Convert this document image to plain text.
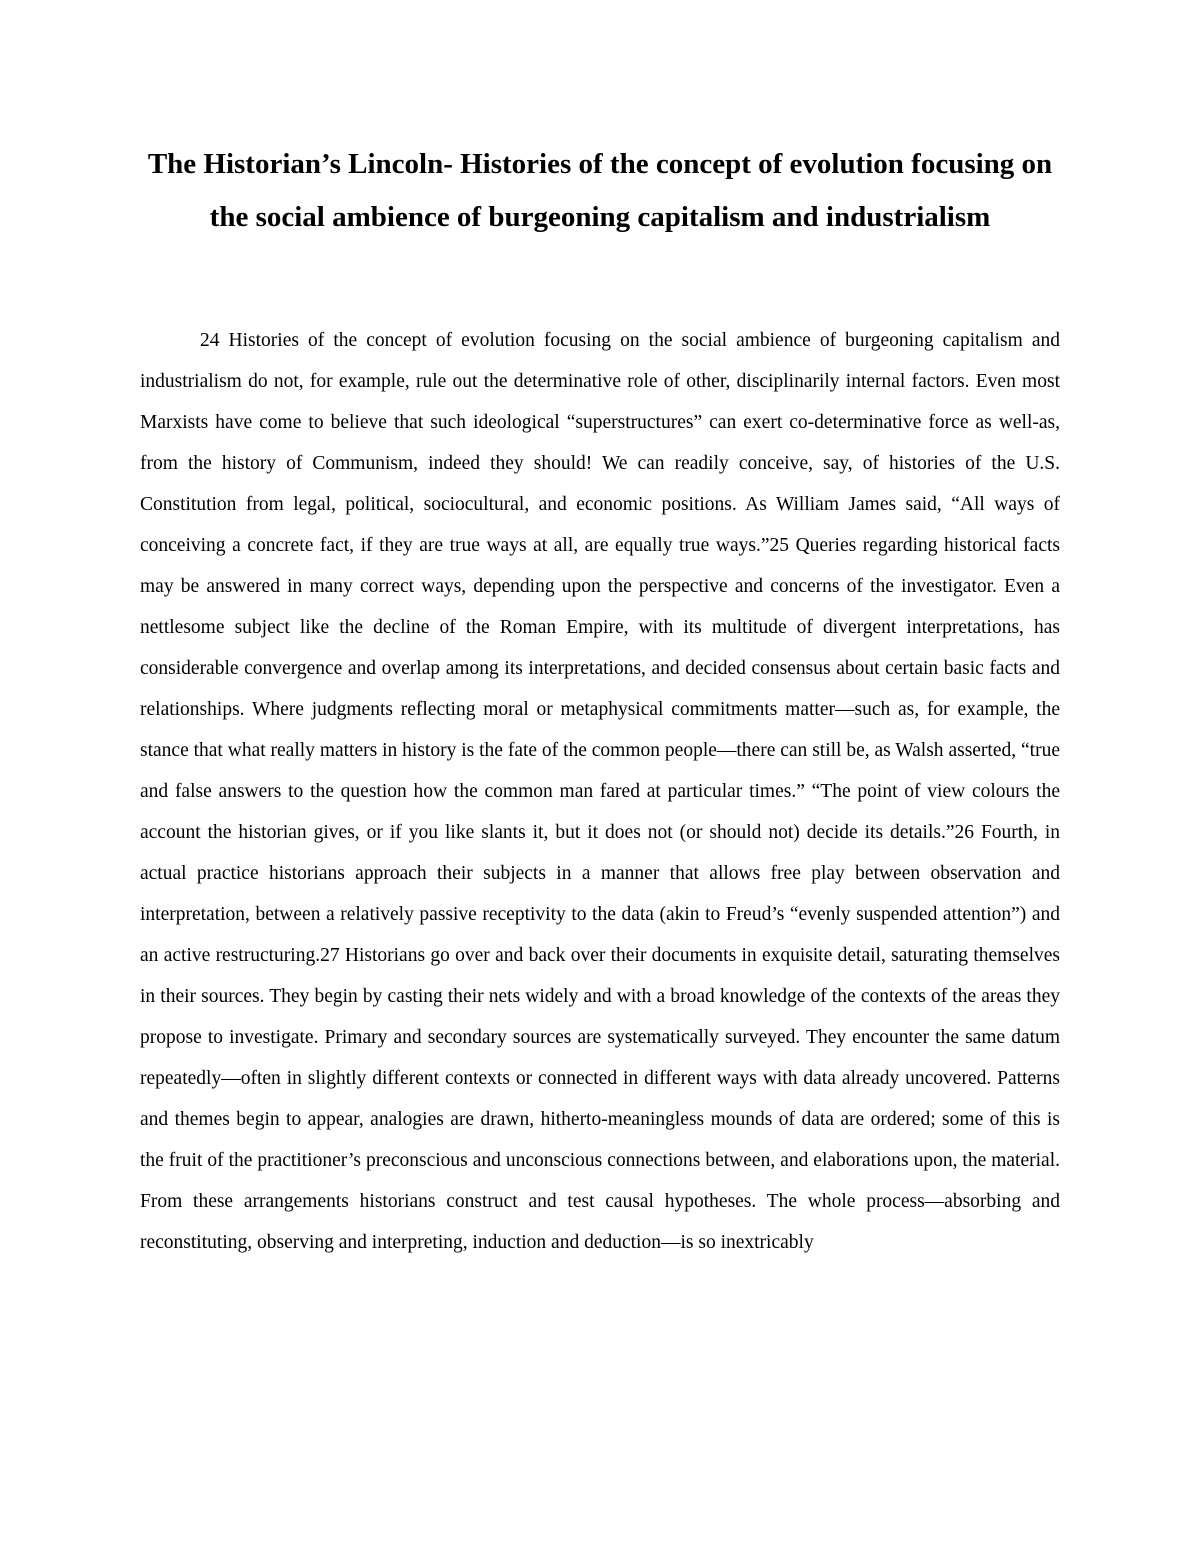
The Historian’s Lincoln- Histories of the concept of evolution focusing on the social ambience of burgeoning capitalism and industrialism

24 Histories of the concept of evolution focusing on the social ambience of burgeoning capitalism and industrialism do not, for example, rule out the determinative role of other, disciplinarily internal factors. Even most Marxists have come to believe that such ideological “superstructures” can exert co-determinative force as well-as, from the history of Communism, indeed they should! We can readily conceive, say, of histories of the U.S. Constitution from legal, political, sociocultural, and economic positions. As William James said, “All ways of conceiving a concrete fact, if they are true ways at all, are equally true ways.”25 Queries regarding historical facts may be answered in many correct ways, depending upon the perspective and concerns of the investigator. Even a nettlesome subject like the decline of the Roman Empire, with its multitude of divergent interpretations, has considerable convergence and overlap among its interpretations, and decided consensus about certain basic facts and relationships. Where judgments reflecting moral or metaphysical commitments matter—such as, for example, the stance that what really matters in history is the fate of the common people—there can still be, as Walsh asserted, “true and false answers to the question how the common man fared at particular times.” “The point of view colours the account the historian gives, or if you like slants it, but it does not (or should not) decide its details.”26 Fourth, in actual practice historians approach their subjects in a manner that allows free play between observation and interpretation, between a relatively passive receptivity to the data (akin to Freud’s “evenly suspended attention”) and an active restructuring.27 Historians go over and back over their documents in exquisite detail, saturating themselves in their sources. They begin by casting their nets widely and with a broad knowledge of the contexts of the areas they propose to investigate. Primary and secondary sources are systematically surveyed. They encounter the same datum repeatedly—often in slightly different contexts or connected in different ways with data already uncovered. Patterns and themes begin to appear, analogies are drawn, hitherto-meaningless mounds of data are ordered; some of this is the fruit of the practitioner’s preconscious and unconscious connections between, and elaborations upon, the material. From these arrangements historians construct and test causal hypotheses. The whole process—absorbing and reconstituting, observing and interpreting, induction and deduction—is so inextricably
